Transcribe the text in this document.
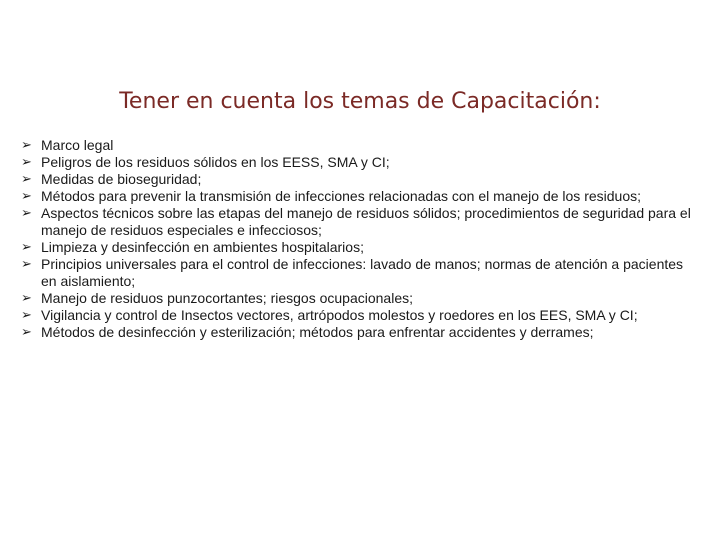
Tener en cuenta los temas de Capacitación:
➢ Marco legal
➢ Peligros de los residuos sólidos en los EESS, SMA y CI;
➢ Medidas de bioseguridad;
➢ Métodos para prevenir la transmisión de infecciones relacionadas con el manejo de los residuos;
➢ Aspectos técnicos sobre las etapas del manejo de residuos sólidos; procedimientos de seguridad para el manejo de residuos especiales e infecciosos;
➢ Limpieza y desinfección en ambientes hospitalarios;
➢ Principios universales para el control de infecciones: lavado de manos; normas de atención a pacientes en aislamiento;
➢ Manejo de residuos punzocortantes; riesgos ocupacionales;
➢ Vigilancia y control de Insectos vectores, artrópodos molestos y roedores en los EES, SMA y CI;
➢ Métodos de desinfección y esterilización; métodos para enfrentar accidentes y derrames;
